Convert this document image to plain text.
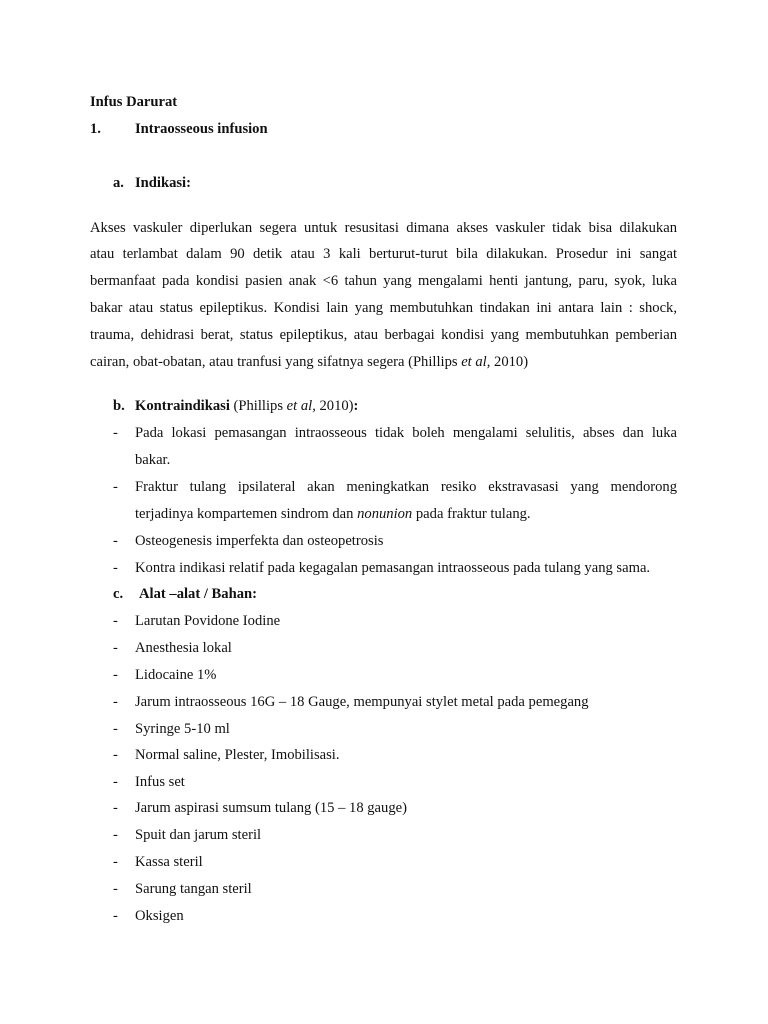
Infus Darurat
1. Intraosseous infusion
a. Indikasi:
Akses vaskuler diperlukan segera untuk resusitasi dimana akses vaskuler tidak bisa dilakukan
atau terlambat dalam 90 detik atau 3 kali berturut-turut bila dilakukan. Prosedur ini sangat
bermanfaat pada kondisi pasien anak <6 tahun yang mengalami henti jantung, paru, syok, luka
bakar atau status epileptikus. Kondisi lain yang membutuhkan tindakan ini antara lain : shock,
trauma, dehidrasi berat, status epileptikus, atau berbagai kondisi yang membutuhkan pemberian
cairan, obat-obatan, atau tranfusi yang sifatnya segera (Phillips et al, 2010)
b. Kontraindikasi (Phillips et al, 2010):
- Pada lokasi pemasangan intraosseous tidak boleh mengalami selulitis, abses dan luka
bakar.
- Fraktur tulang ipsilateral akan meningkatkan resiko ekstravasasi yang mendorong
terjadinya kompartemen sindrom dan nonunion pada fraktur tulang.
- Osteogenesis imperfekta dan osteopetrosis
- Kontra indikasi relatif pada kegagalan pemasangan intraosseous pada tulang yang sama.
c. Alat –alat / Bahan:
- Larutan Povidone Iodine
- Anesthesia lokal
- Lidocaine 1%
- Jarum intraosseous 16G – 18 Gauge, mempunyai stylet metal pada pemegang
- Syringe 5-10 ml
- Normal saline, Plester, Imobilisasi.
- Infus set
- Jarum aspirasi sumsum tulang (15 – 18 gauge)
- Spuit dan jarum steril
- Kassa steril
- Sarung tangan steril
- Oksigen
